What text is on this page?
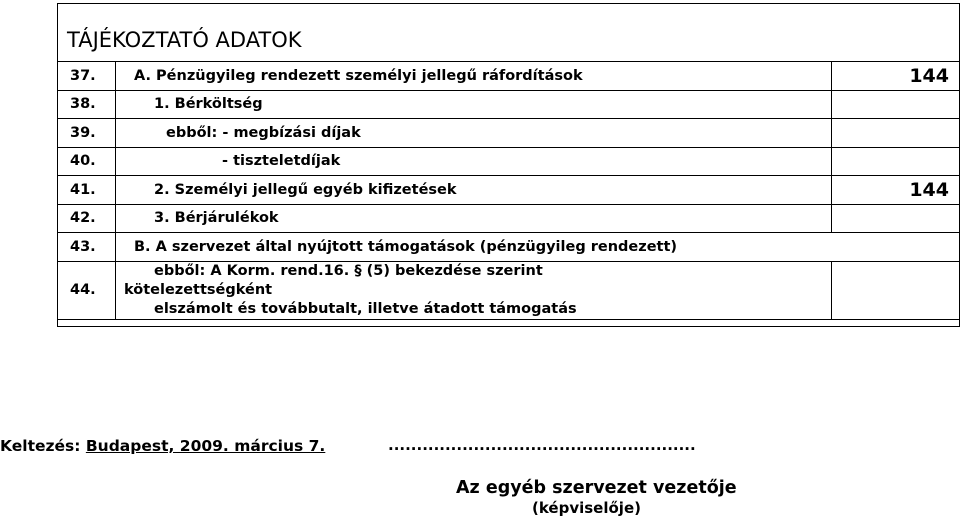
TÁJÉKOZTATÓ ADATOK
37.	A. Pénzügyileg rendezett személyi jellegű ráfordítások	144
38.	1. Bérköltség	
39.	ebből: - megbízási díjak	
40.	- tiszteletdíjak	
41.	2. Személyi jellegű egyéb kifizetések	144
42.	3. Bérjárulékok	
43.	B. A szervezet által nyújtott támogatások (pénzügyileg rendezett)	
44.	ebből: A Korm. rend.16. § (5) bekezdése szerint
kötelezettségként
elszámolt és továbbutalt, illetve átadott támogatás	

Keltezés: Budapest, 2009. március 7.	......................................................
Az egyéb szervezet vezetője
(képviselője)
